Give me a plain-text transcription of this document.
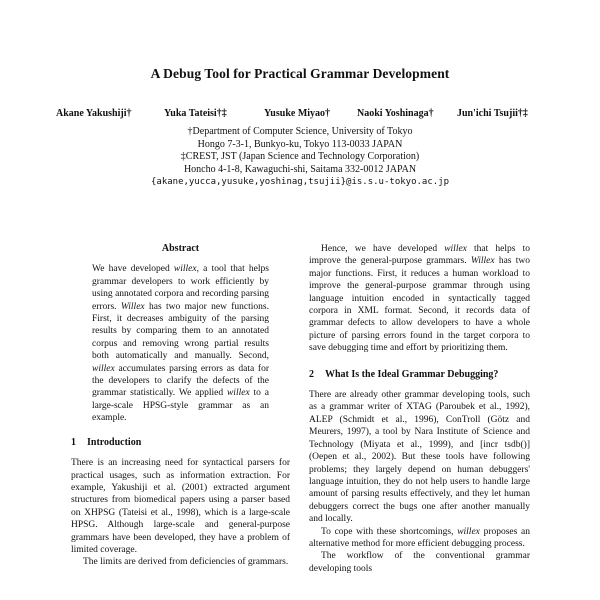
A Debug Tool for Practical Grammar Development
Akane Yakushiji†	Yuka Tateisi†‡	Yusuke Miyao†	Naoki Yoshinaga† Jun'ichi Tsujii†‡
†Department of Computer Science, University of Tokyo
Hongo 7-3-1, Bunkyo-ku, Tokyo 113-0033 JAPAN
‡CREST, JST (Japan Science and Technology Corporation)
Honcho 4-1-8, Kawaguchi-shi, Saitama 332-0012 JAPAN
{akane,yucca,yusuke,yoshinag,tsujii}@is.s.u-tokyo.ac.jp
Abstract

We have developed willex, a tool that helps grammar developers to work efficiently by using annotated corpora and recording parsing errors. Willex has two major new functions. First, it decreases ambiguity of the parsing results by comparing them to an annotated corpus and removing wrong partial results both automatically and manually. Second, willex accumulates parsing errors as data for the developers to clarify the defects of the grammar statistically. We applied willex to a large-scale HPSG-style grammar as an example.

1 Introduction

There is an increasing need for syntactical parsers for practical usages, such as information extraction. For example, Yakushiji et al. (2001) extracted argument structures from biomedical papers using a parser based on XHPSG (Tateisi et al., 1998), which is a large-scale HPSG. Although large-scale and general-purpose grammars have been developed, they have a problem of limited coverage.

The limits are derived from deficiencies of grammars.

Hence, we have developed willex that helps to improve the general-purpose grammars. Willex has two major functions. First, it reduces a human workload to improve the general-purpose grammar through using language intuition encoded in syntactically tagged corpora in XML format. Second, it records data of grammar defects to allow developers to have a whole picture of parsing errors found in the target corpora to save debugging time and effort by prioritizing them.

2 What Is the Ideal Grammar Debugging?

There are already other grammar developing tools, such as a grammar writer of XTAG (Paroubek et al., 1992), ALEP (Schmidt et al., 1996), ConTroll (Götz and Meurers, 1997), a tool by Nara Institute of Science and Technology (Miyata et al., 1999), and [incr tsdb()] (Oepen et al., 2002). But these tools have following problems; they largely depend on human debuggers' language intuition, they do not help users to handle large amount of parsing results effectively, and they let human debuggers correct the bugs one after another manually and locally.

To cope with these shortcomings, willex proposes an alternative method for more efficient debugging process.

The workflow of the conventional grammar developing tools
